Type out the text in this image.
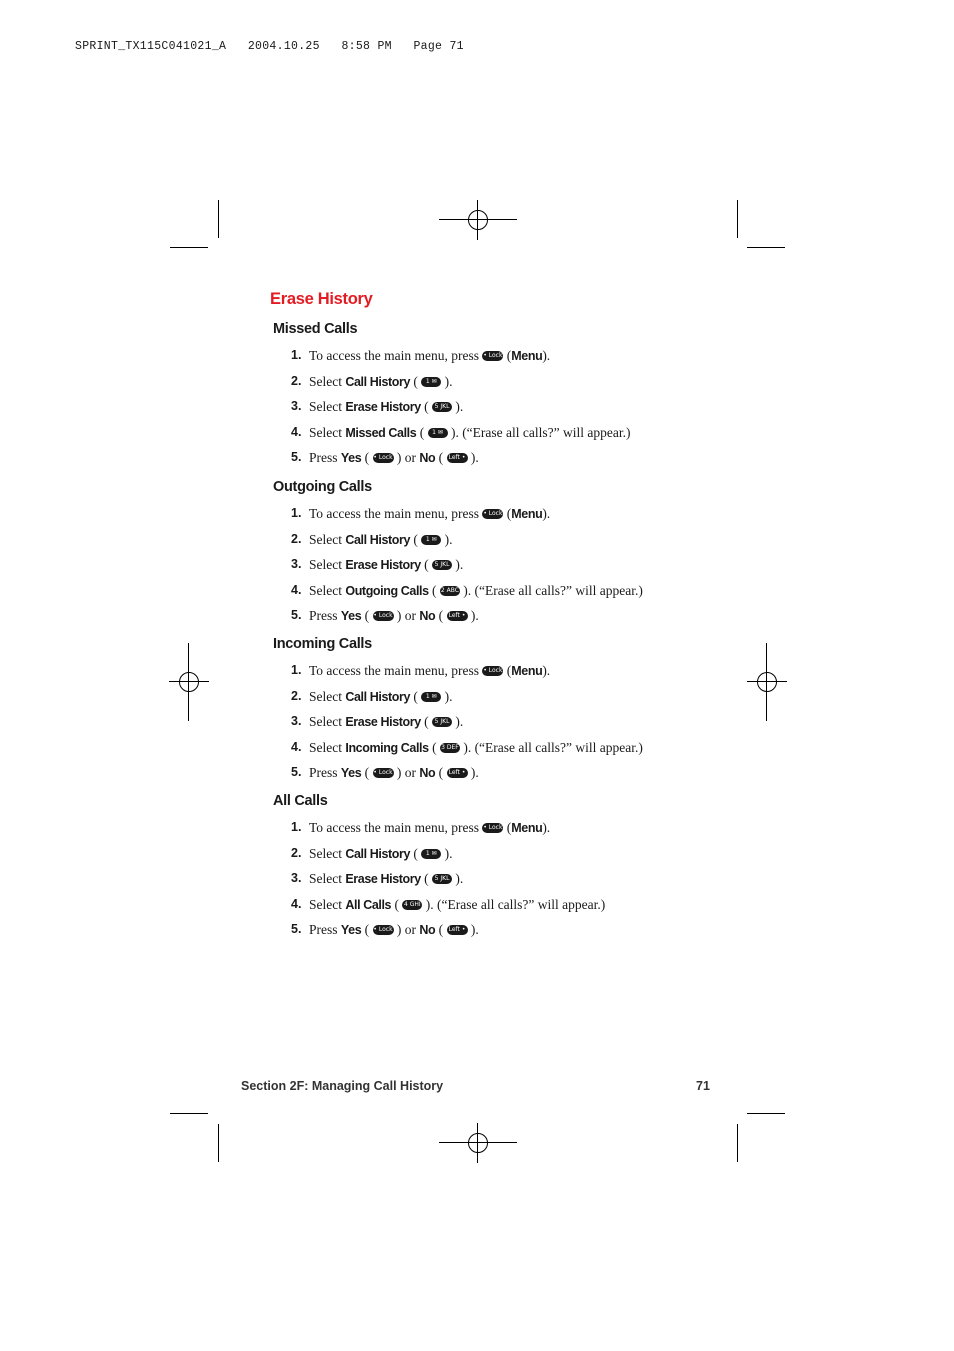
SPRINT_TX115C041021_A   2004.10.25   8:58 PM   Page 71
Erase History
Missed Calls
1. To access the main menu, press • Lock (Menu).
2. Select Call History ( 1 ✉ ).
3. Select Erase History ( 5 JKL ).
4. Select Missed Calls ( 1 ✉ ). (“Erase all calls?” will appear.)
5. Press Yes ( • Lock ) or No ( Left • ).
Outgoing Calls
1. To access the main menu, press • Lock (Menu).
2. Select Call History ( 1 ✉ ).
3. Select Erase History ( 5 JKL ).
4. Select Outgoing Calls ( 2 ABC ). (“Erase all calls?” will appear.)
5. Press Yes ( • Lock ) or No ( Left • ).
Incoming Calls
1. To access the main menu, press • Lock (Menu).
2. Select Call History ( 1 ✉ ).
3. Select Erase History ( 5 JKL ).
4. Select Incoming Calls ( 3 DEF ). (“Erase all calls?” will appear.)
5. Press Yes ( • Lock ) or No ( Left • ).
All Calls
1. To access the main menu, press • Lock (Menu).
2. Select Call History ( 1 ✉ ).
3. Select Erase History ( 5 JKL ).
4. Select All Calls ( 4 GHI ). (“Erase all calls?” will appear.)
5. Press Yes ( • Lock ) or No ( Left • ).
Section 2F: Managing Call History	71
